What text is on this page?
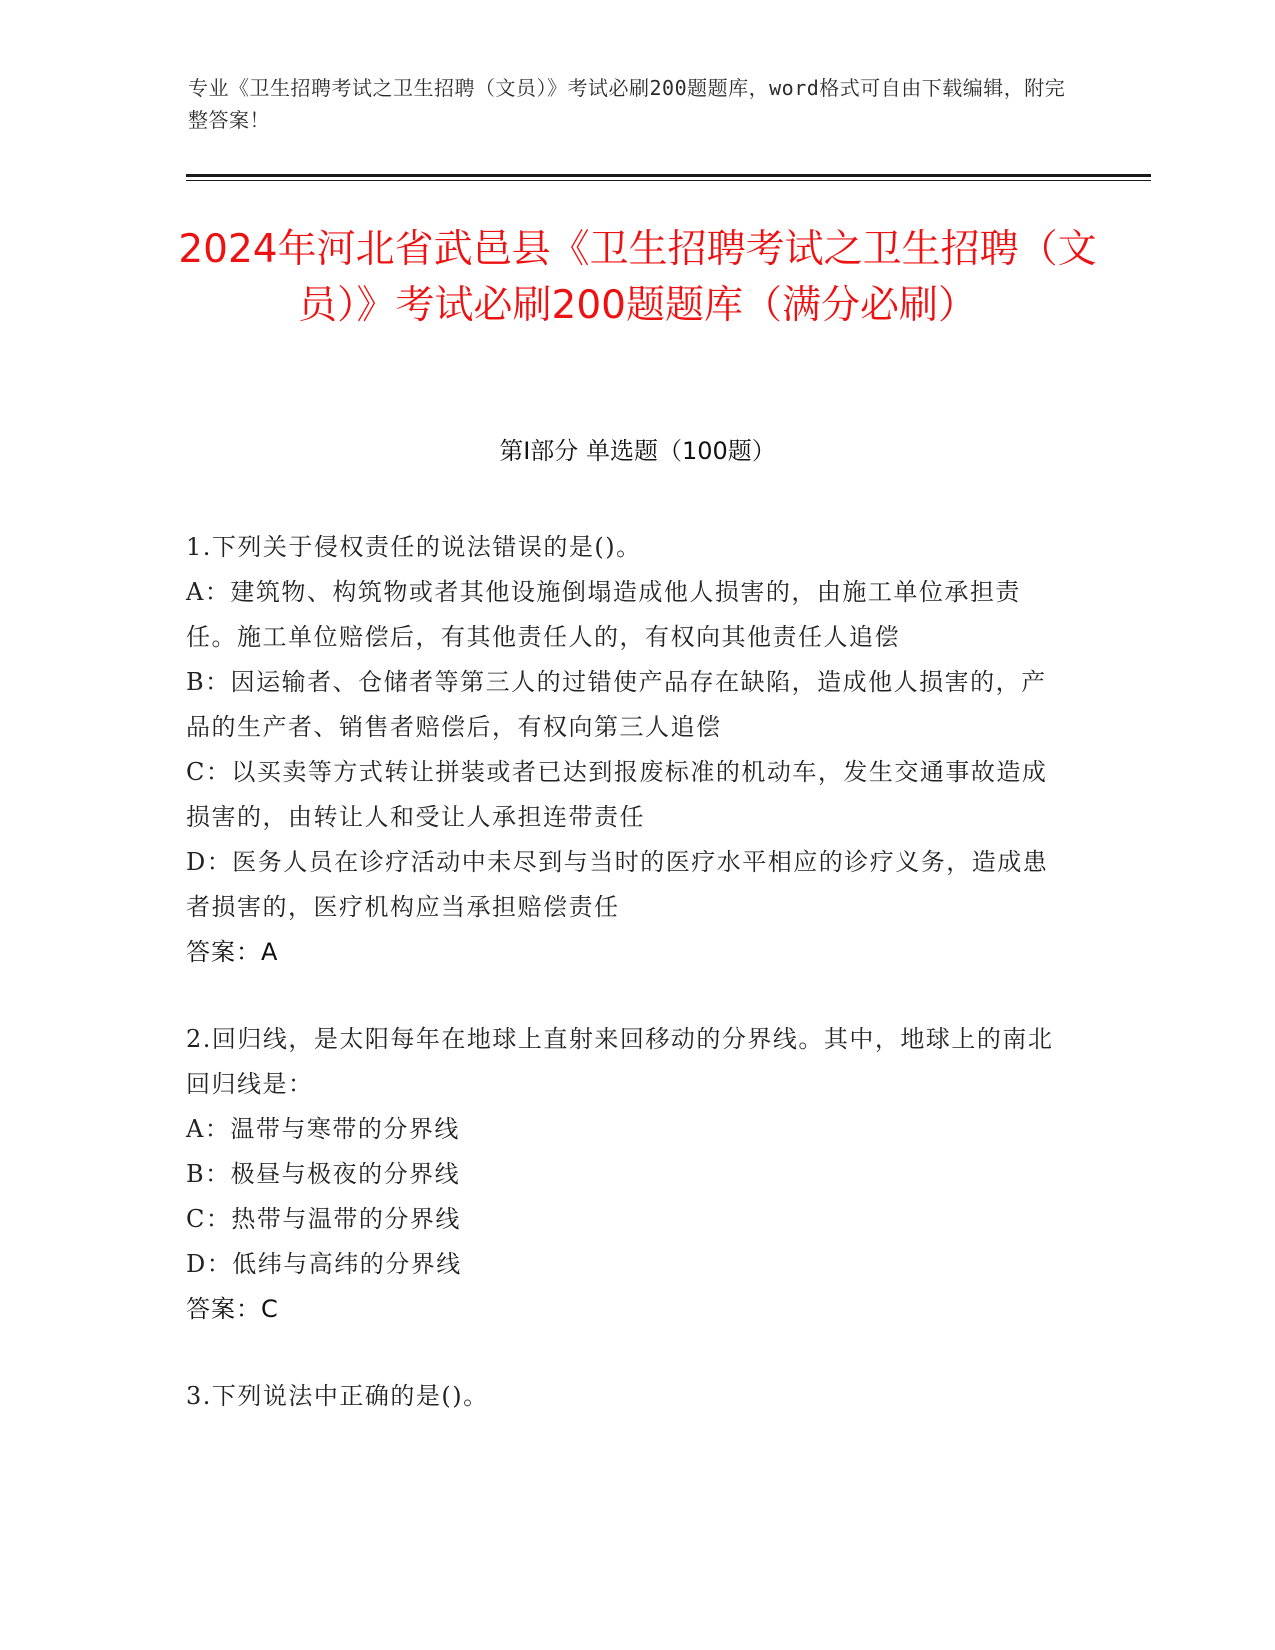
专业《卫生招聘考试之卫生招聘（文员）》考试必刷200题题库，word格式可自由下载编辑，附完整答案！
2024年河北省武邑县《卫生招聘考试之卫生招聘（文员）》考试必刷200题题库（满分必刷）
第Ⅰ部分 单选题（100题）

1.下列关于侵权责任的说法错误的是()。

A：建筑物、构筑物或者其他设施倒塌造成他人损害的，由施工单位承担责任。施工单位赔偿后，有其他责任人的，有权向其他责任人追偿

B：因运输者、仓储者等第三人的过错使产品存在缺陷，造成他人损害的，产品的生产者、销售者赔偿后，有权向第三人追偿

C：以买卖等方式转让拼装或者已达到报废标准的机动车，发生交通事故造成损害的，由转让人和受让人承担连带责任

D：医务人员在诊疗活动中未尽到与当时的医疗水平相应的诊疗义务，造成患者损害的，医疗机构应当承担赔偿责任

答案：A

2.回归线，是太阳每年在地球上直射来回移动的分界线。其中，地球上的南北回归线是：

A：温带与寒带的分界线

B：极昼与极夜的分界线

C：热带与温带的分界线

D：低纬与高纬的分界线

答案：C

3.下列说法中正确的是()。
